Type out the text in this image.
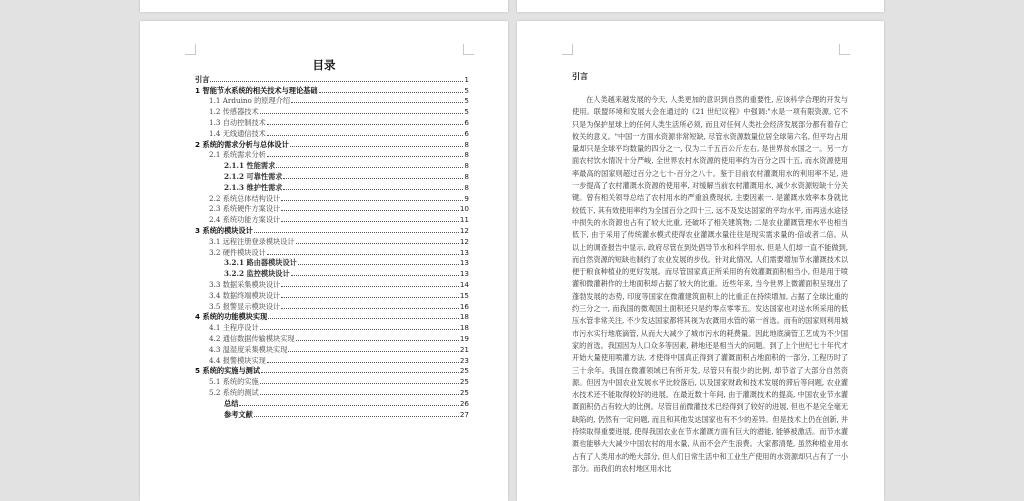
目录
引言	1
1 智能节水系统的相关技术与理论基础	5
1.1 Arduino 的原理介绍	5
1.2 传感器技术	5
1.3 自动控制技术	6
1.4 无线通信技术	6
2 系统的需求分析与总体设计	8
2.1 系统需求分析	8
2.1.1 性能需求	8
2.1.2 可靠性需求	8
2.1.3 维护性需求	8
2.2 系统总体结构设计	9
2.3 系统硬件方案设计	10
2.4 系统功能方案设计	11
3 系统的模块设计	12
3.1 远程注册登录模块设计	12
3.2 硬件模块设计	13
3.2.1 路由器模块设计	13
3.2.2 监控模块设计	13
3.3 数据采集模块设计	14
3.4 数据终端模块设计	15
3.5 报警显示模块设计	16
4 系统的功能模块实现	18
4.1 主程序设计	18
4.2 通信数据传输模块实现	19
4.3 温湿度采集模块实现	21
4.4 报警模块实现	23
5 系统的实施与测试	25
5.1 系统的实施	25
5.2 系统的测试	25
总结	26
参考文献	27
引言
在人类越来越发展的今天, 人类更加的意识到自然的重要性, 应该科学合理的开发与使用。联盟环境和发展大会在通过的《21 世纪议程》中强调:"水是一项有限资源, 它不只是为保护星球上的任何人类生活所必须, 而且对任何人类社会经济发展部分都有着存亡攸关的意义。"中国一方面水资源非常短缺, 尽管水资源数量位居全球第六名, 但平均占用量却只是全球平均数量的四分之一, 仅为二千五百公斤左右, 是世界贫水国之一。另一方面农村饮水情况十分严峻, 全世界农村水资源的使用率约为百分之四十五, 而水资源使用率最高的国家则超过百分之七十-百分之八十。鉴于目前农村灌溉用水的利用率不足, 进一步提高了农村灌溉水资源的使用率, 对缓解当前农村灌溉用水, 减少水资源短缺十分关键。曾有相关领导总结了农村用水的严重浪费现状, 主要因素一. 是灌溉水效率本身就比较低下, 其有效使用率约为全国百分之四十三, 远不及发达国家的平均水平, 而再送水途径中损失的水资源也占有了较大比重, 还破坏了相关建筑物; 二是农业灌溉管理水平也相当低下, 由于采用了传统灌水模式使得农业灌溉水量往往是现实需求量的-倍或者二倍。从以上的调查报告中显示, 政府尽管在到处倡导节水和科学用水, 但是人们却一直不能做到, 而自然资源的短缺也制约了农业发展的步伐。针对此情况, 人们需要增加节水灌溉技术以便于粮食种植业的更好发展。而尽管国家真正所采用的有效灌溉面积相当小, 但是用于喷灌和微灌耕作的土地面积却占据了较大的比重。近些年来, 当今世界上微灌面积呈现出了蓬勃发展的态势, 印度等国家在微灌建筑面积上的比重正在持续增加, 占据了全球比重的约三分之一, 而我国的微观国土面积还只是约零点零零五。发达国家也对送水所采用的低压水管非常关注, 不少发达国家都将其视为农溉用水管的第一首选。而有的国家则利用城市污水实行地底滴管, 从而大大减少了城市污水的耗费量。因此地底滴管工艺成为不少国家的首选。我国因为人口众多等因素, 耕地还是相当大的问题。到了上个世纪七十年代才开始大量使用喷灌方法, 才使得中国真正得到了灌溉面积占地面积的一部分, 工程历时了三十余年。我国在微灌领域已有所开发, 尽管只有很少的比例, 却节省了大部分自然资源。但因为中国农业发展水平比较落后, 以及国家财政和技术发展的滞后等问题, 农业灌水技术还不能取得较好的进展。在最近数十年间, 由于灌溉技术的提高, 中国农业节水灌溉面积仍占有较大的比例。尽管目前微灌技术已经得到了较好的进展, 但也不是完全毫无缺陷的, 仍然有一定问题, 而且和其他发达国家也有不少的差异。但是技术上仍在创新, 并持续取得重要进展, 使得我国农业在节水灌溉方面有巨大的潜能, 能够被激活。而节水灌溉也能够大大减少中国农村的用水量, 从而不会产生浪费。大家都清楚, 虽然种植业用水占有了人类用水的绝大部分, 但人们日常生活中和工业生产使用的水资源却只占有了一小部分。而我们的农村地区用水比
